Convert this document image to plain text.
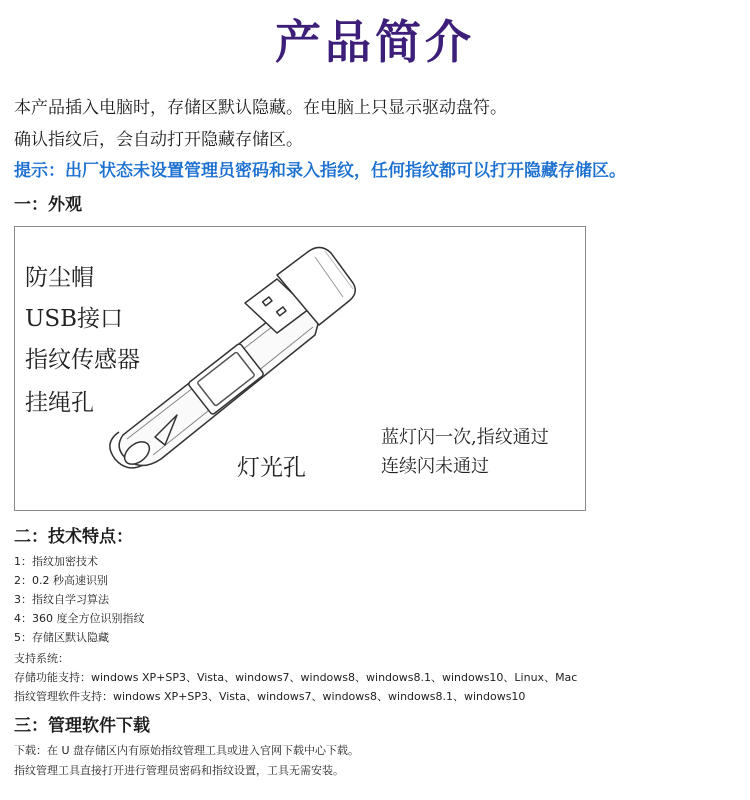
产品简介
本产品插入电脑时，存储区默认隐藏。在电脑上只显示驱动盘符。
确认指纹后，会自动打开隐藏存储区。
提示：出厂状态未设置管理员密码和录入指纹，任何指纹都可以打开隐藏存储区。
一：外观
防尘帽
USB接口
指纹传感器
挂绳孔
灯光孔
蓝灯闪一次,指纹通过
连续闪未通过
二：技术特点：
1：指纹加密技术
2：0.2 秒高速识别
3：指纹自学习算法
4：360 度全方位识别指纹
5：存储区默认隐藏
支持系统：
存储功能支持：windows XP+SP3、Vista、windows7、windows8、windows8.1、windows10、Linux、Mac
指纹管理软件支持：windows XP+SP3、Vista、windows7、windows8、windows8.1、windows10
三：管理软件下载
下载：在 U 盘存储区内有原始指纹管理工具或进入官网下载中心下载。
指纹管理工具直接打开进行管理员密码和指纹设置，工具无需安装。
